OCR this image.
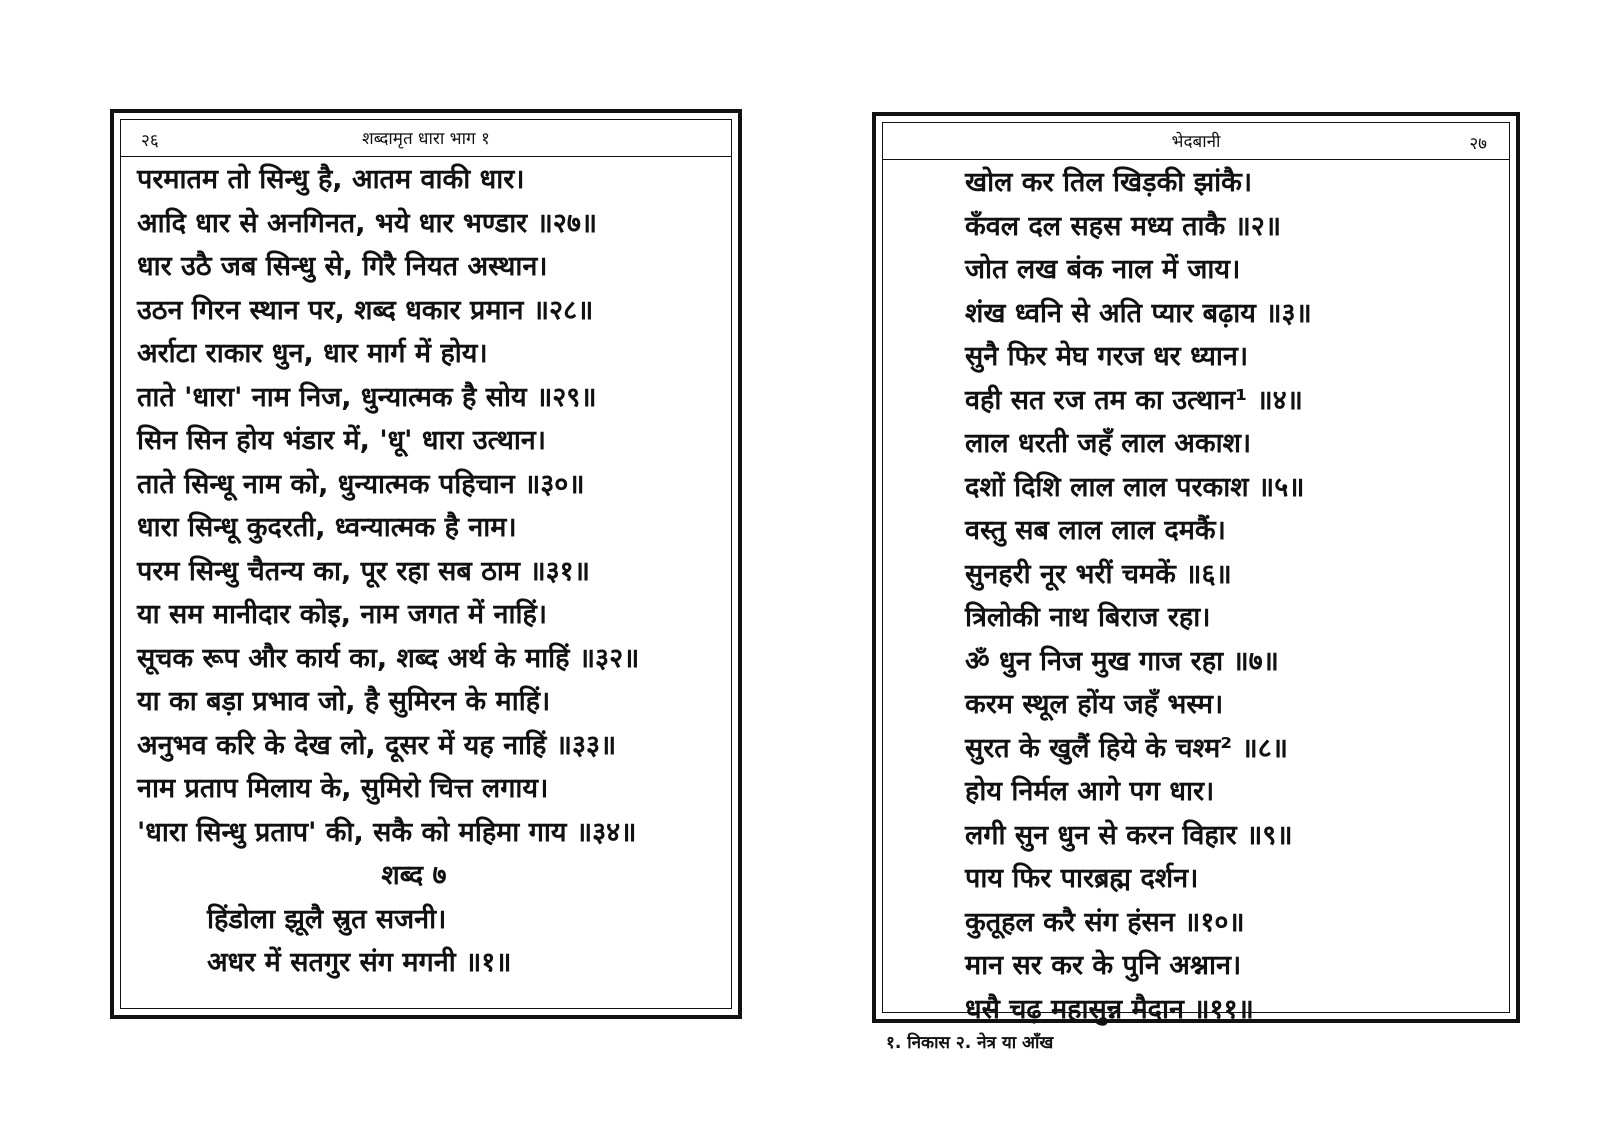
२६	शब्दामृत धारा भाग १
परमातम तो सिन्धु है, आतम वाकी धार।
आदि धार से अनगिनत, भये धार भण्डार ॥२७॥
धार उठै जब सिन्धु से, गिरै नियत अस्थान।
उठन गिरन स्थान पर, शब्द धकार प्रमान ॥२८॥
अर्राटा राकार धुन, धार मार्ग में होय।
ताते 'धारा' नाम निज, धुन्यात्मक है सोय ॥२९॥
सिन सिन होय भंडार में, 'धू' धारा उत्थान।
ताते सिन्धू नाम को, धुन्यात्मक पहिचान ॥३०॥
धारा सिन्धू कुदरती, ध्वन्यात्मक है नाम।
परम सिन्धु चैतन्य का, पूर रहा सब ठाम ॥३१॥
या सम मानीदार कोइ, नाम जगत में नाहिं।
सूचक रूप और कार्य का, शब्द अर्थ के माहिं ॥३२॥
या का बड़ा प्रभाव जो, है सुमिरन के माहिं।
अनुभव करि के देख लो, दूसर में यह नाहिं ॥३३॥
नाम प्रताप मिलाय के, सुमिरो चित्त लगाय।
'धारा सिन्धु प्रताप' की, सकै को महिमा गाय ॥३४॥
शब्द ७
हिंडोला झूलै स्रुत सजनी।
अधर में सतगुर संग मगनी ॥१॥
भेदबानी	२७
खोल कर तिल खिड़की झांकै।
कँवल दल सहस मध्य ताकै ॥२॥
जोत लख बंक नाल में जाय।
शंख ध्वनि से अति प्यार बढ़ाय ॥३॥
सुनै फिर मेघ गरज धर ध्यान।
वही सत रज तम का उत्थान¹ ॥४॥
लाल धरती जहँ लाल अकाश।
दशों दिशि लाल लाल परकाश ॥५॥
वस्तु सब लाल लाल दमकैं।
सुनहरी नूर भरीं चमकें ॥६॥
त्रिलोकी नाथ बिराज रहा।
ॐ धुन निज मुख गाज रहा ॥७॥
करम स्थूल होंय जहँ भस्म।
सुरत के खुलैं हिये के चश्म² ॥८॥
होय निर्मल आगे पग धार।
लगी सुन धुन से करन विहार ॥९॥
पाय फिर पारब्रह्म दर्शन।
कुतूहल करै संग हंसन ॥१०॥
मान सर कर के पुनि अश्नान।
धसै चढ़ महासुन्न मैदान ॥११॥
१. निकास २. नेत्र या आँख
